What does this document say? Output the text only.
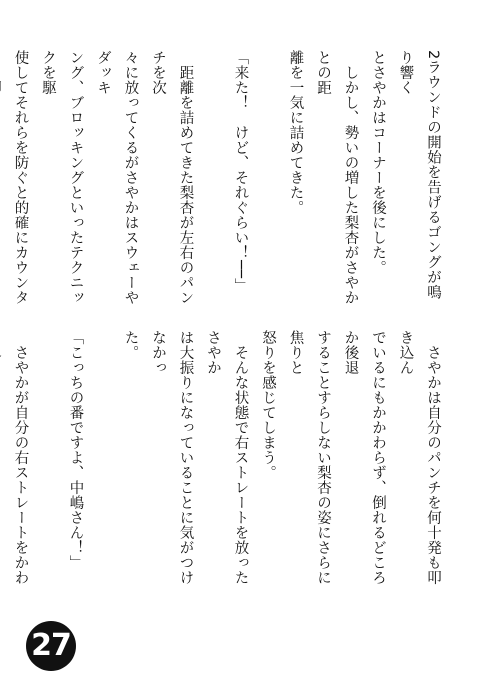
2ラウンドの開始を告げるゴングが鳴り響く
とさやかはコーナーを後にした。
　しかし、勢いの増した梨杏がさやかとの距
離を一気に詰めてきた。

「来た！　けど、それぐらい！──」

　距離を詰めてきた梨杏が左右のパンチを次
々に放ってくるがさやかはスウェーやダッキ
ング、ブロッキングといったテクニックを駆
使してそれらを防ぐと的確にカウンタ

　さやかは自分のパンチを何十発も叩き込ん
でいるにもかかわらず、倒れるどころか後退
することすらしない梨杏の姿にさらに焦りと
怒りを感じてしまう。
　そんな状態で右ストレートを放ったさやか
は大振りになっていることに気がつけなかっ
た。

「こっちの番ですよ、中嶋さん！」

　さやかが自分の右ストレートをかわ

27
